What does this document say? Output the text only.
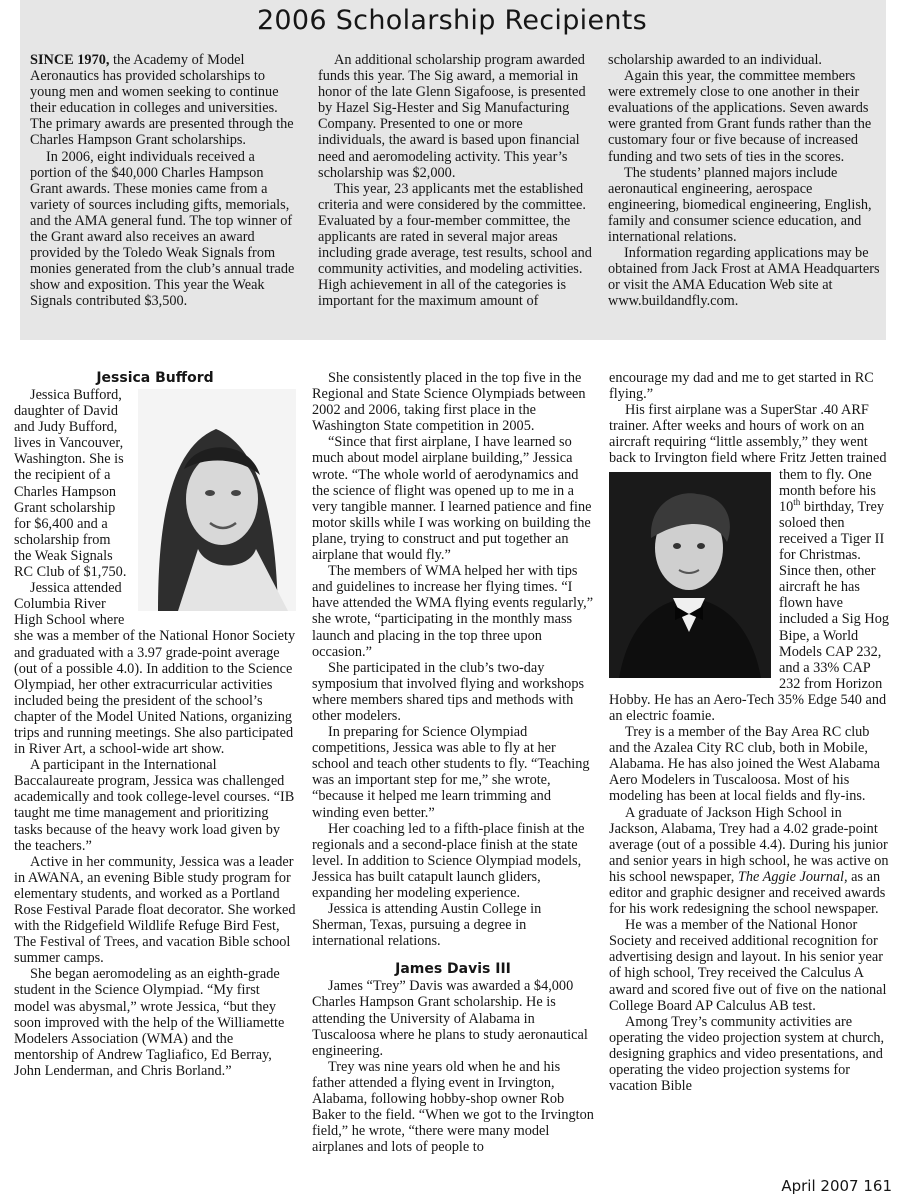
2006 Scholarship Recipients

SINCE 1970, the Academy of Model Aeronautics has provided scholarships to young men and women seeking to continue their education in colleges and universities. The primary awards are presented through the Charles Hampson Grant scholarships.

In 2006, eight individuals received a portion of the $40,000 Charles Hampson Grant awards. These monies came from a variety of sources including gifts, memorials, and the AMA general fund. The top winner of the Grant award also receives an award provided by the Toledo Weak Signals from monies generated from the club’s annual trade show and exposition. This year the Weak Signals contributed $3,500.

An additional scholarship program awarded funds this year. The Sig award, a memorial in honor of the late Glenn Sigafoose, is presented by Hazel Sig-Hester and Sig Manufacturing Company. Presented to one or more individuals, the award is based upon financial need and aeromodeling activity. This year’s scholarship was $2,000.

This year, 23 applicants met the established criteria and were considered by the committee. Evaluated by a four-member committee, the applicants are rated in several major areas including grade average, test results, school and community activities, and modeling activities. High achievement in all of the categories is important for the maximum amount of

scholarship awarded to an individual.

Again this year, the committee members were extremely close to one another in their evaluations of the applications. Seven awards were granted from Grant funds rather than the customary four or five because of increased funding and two sets of ties in the scores.

The students’ planned majors include aeronautical engineering, aerospace engineering, biomedical engineering, English, family and consumer science education, and international relations.

Information regarding applications may be obtained from Jack Frost at AMA Headquarters or visit the AMA Education Web site at www.buildandfly.com.

Jessica Bufford

Jessica Bufford, daughter of David and Judy Bufford, lives in Vancouver, Washington. She is the recipient of a Charles Hampson Grant scholarship for $6,400 and a scholarship from the Weak Signals RC Club of $1,750.

Jessica attended Columbia River High School where she was a member of the National Honor Society and graduated with a 3.97 grade-point average (out of a possible 4.0). In addition to the Science Olympiad, her other extracurricular activities included being the president of the school’s chapter of the Model United Nations, organizing trips and running meetings. She also participated in River Art, a school-wide art show.

A participant in the International Baccalaureate program, Jessica was challenged academically and took college-level courses. “IB taught me time management and prioritizing tasks because of the heavy work load given by the teachers.”

Active in her community, Jessica was a leader in AWANA, an evening Bible study program for elementary students, and worked as a Portland Rose Festival Parade float decorator. She worked with the Ridgefield Wildlife Refuge Bird Fest, The Festival of Trees, and vacation Bible school summer camps.

She began aeromodeling as an eighth-grade student in the Science Olympiad. “My first model was abysmal,” wrote Jessica, “but they soon improved with the help of the Williamette Modelers Association (WMA) and the mentorship of Andrew Tagliafico, Ed Berray, John Lenderman, and Chris Borland.”

She consistently placed in the top five in the Regional and State Science Olympiads between 2002 and 2006, taking first place in the Washington State competition in 2005.

“Since that first airplane, I have learned so much about model airplane building,” Jessica wrote. “The whole world of aerodynamics and the science of flight was opened up to me in a very tangible manner. I learned patience and fine motor skills while I was working on building the plane, trying to construct and put together an airplane that would fly.”

The members of WMA helped her with tips and guidelines to increase her flying times. “I have attended the WMA flying events regularly,” she wrote, “participating in the monthly mass launch and placing in the top three upon occasion.”

She participated in the club’s two-day symposium that involved flying and workshops where members shared tips and methods with other modelers.

In preparing for Science Olympiad competitions, Jessica was able to fly at her school and teach other students to fly. “Teaching was an important step for me,” she wrote, “because it helped me learn trimming and winding even better.”

Her coaching led to a fifth-place finish at the regionals and a second-place finish at the state level. In addition to Science Olympiad models, Jessica has built catapult launch gliders, expanding her modeling experience.

Jessica is attending Austin College in Sherman, Texas, pursuing a degree in international relations.

James Davis III

James “Trey” Davis was awarded a $4,000 Charles Hampson Grant scholarship. He is attending the University of Alabama in Tuscaloosa where he plans to study aeronautical engineering.

Trey was nine years old when he and his father attended a flying event in Irvington, Alabama, following hobby-shop owner Rob Baker to the field. “When we got to the Irvington field,” he wrote, “there were many model airplanes and lots of people to

encourage my dad and me to get started in RC flying.”

His first airplane was a SuperStar .40 ARF trainer. After weeks and hours of work on an aircraft requiring “little assembly,” they went back to Irvington field where Fritz Jetten trained them to fly. One month before his 10th birthday, Trey soloed then received a Tiger II for Christmas. Since then, other aircraft he has flown have included a Sig Hog Bipe, a World Models CAP 232, and a 33% CAP 232 from Horizon Hobby. He has an Aero-Tech 35% Edge 540 and an electric foamie.

Trey is a member of the Bay Area RC club and the Azalea City RC club, both in Mobile, Alabama. He has also joined the West Alabama Aero Modelers in Tuscaloosa. Most of his modeling has been at local fields and fly-ins.

A graduate of Jackson High School in Jackson, Alabama, Trey had a 4.02 grade-point average (out of a possible 4.4). During his junior and senior years in high school, he was active on his school newspaper, The Aggie Journal, as an editor and graphic designer and received awards for his work redesigning the school newspaper.

He was a member of the National Honor Society and received additional recognition for advertising design and layout. In his senior year of high school, Trey received the Calculus A award and scored five out of five on the national College Board AP Calculus AB test.

Among Trey’s community activities are operating the video projection system at church, designing graphics and video presentations, and operating the video projection systems for vacation Bible

April 2007 161
